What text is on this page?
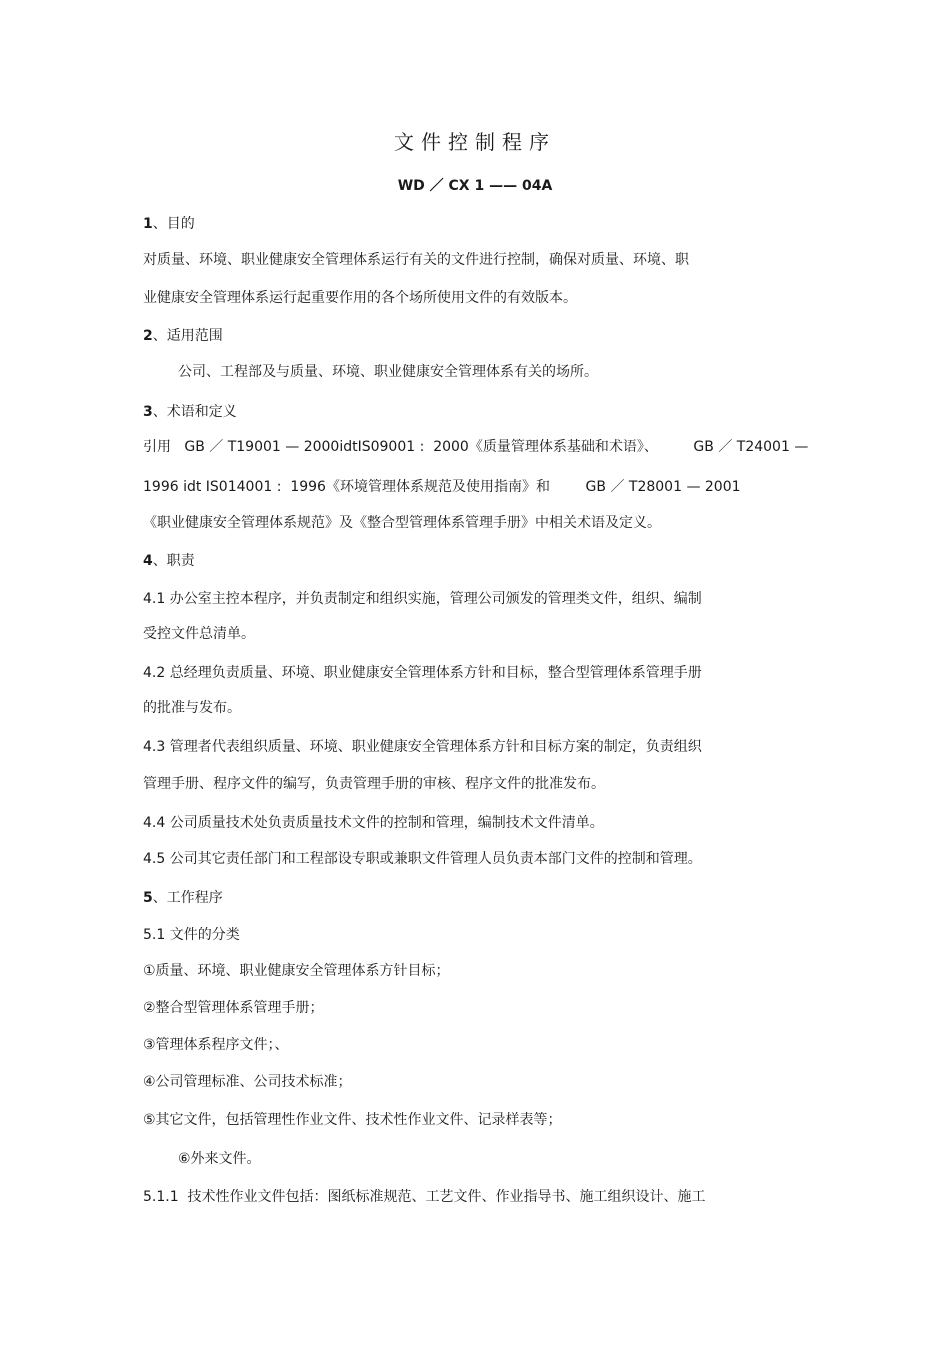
文件控制程序
WD ／ CX 1 —— 04A
1、目的
对质量、环境、职业健康安全管理体系运行有关的文件进行控制，确保对质量、环境、职
业健康安全管理体系运行起重要作用的各个场所使用文件的有效版本。
2、适用范围
公司、工程部及与质量、环境、职业健康安全管理体系有关的场所。
3、术语和定义
引用   GB ／ T19001 — 2000idtIS09001 :  2000《质量管理体系基础和术语》、        GB ／ T24001 —
1996 idt IS014001 :  1996《环境管理体系规范及使用指南》和        GB ／ T28001 — 2001
《职业健康安全管理体系规范》及《整合型管理体系管理手册》中相关术语及定义。
4、职责
4.1 办公室主控本程序，并负责制定和组织实施，管理公司颁发的管理类文件，组织、编制
受控文件总清单。
4.2 总经理负责质量、环境、职业健康安全管理体系方针和目标，整合型管理体系管理手册
的批准与发布。
4.3 管理者代表组织质量、环境、职业健康安全管理体系方针和目标方案的制定，负责组织
管理手册、程序文件的编写，负责管理手册的审核、程序文件的批准发布。
4.4 公司质量技术处负责质量技术文件的控制和管理，编制技术文件清单。
4.5 公司其它责任部门和工程部设专职或兼职文件管理人员负责本部门文件的控制和管理。
5、工作程序
5.1 文件的分类
①质量、环境、职业健康安全管理体系方针目标；
②整合型管理体系管理手册；
③管理体系程序文件；、
④公司管理标准、公司技术标准；
⑤其它文件，包括管理性作业文件、技术性作业文件、记录样表等；
⑥外来文件。
5.1.1  技术性作业文件包括：图纸标准规范、工艺文件、作业指导书、施工组织设计、施工
